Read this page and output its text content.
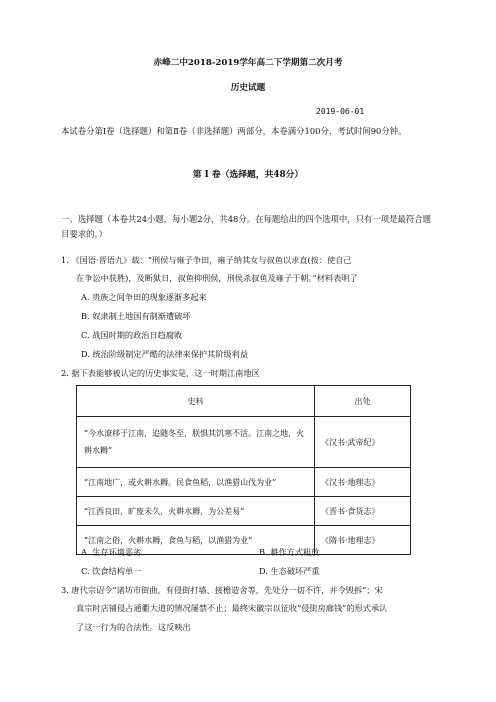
赤峰二中2018-2019学年高二下学期第二次月考
历史试题
2019-06-01
本试卷分第Ⅰ卷（选择题）和第Ⅱ卷（非选择题）两部分，本卷满分100分，考试时间90分钟。
第 Ⅰ 卷（选择题，共48分）
一、选择题（本卷共24小题，每小题2分，共48分。在每题给出的四个选项中，只有一项是最符合题目要求的。）
1. 《国语·晋语九》载：“刑侯与雍子争田，雍子纳其女与叔鱼以求直(按：使自己
在争讼中获胜)，及断狱日，叔鱼抑刑侯，刑侯杀叔鱼及雍子于朝。”材料表明了
A. 贵族之间争田的现象逐渐多起来
B. 奴隶制土地国有制渐遭破坏
C. 战国时期的政治日趋腐败
D. 统治阶级制定严酷的法律来保护其阶级利益
2. 据下表能够被认定的历史事实是，这一时期江南地区
史料	出处
“今水潦移于江南，追随冬至，朕惧其饥寒不活。江南之地，火耕水耨”	《汉书·武帝纪》
“江南地广，或火耕水耨。民食鱼稻，以渔猎山伐为业”	《汉书·地理志》
“江西良田，旷废未久，火耕水耨，为公差易”	《晋书·食货志》
“江南之俗，火耕水耨，食鱼与稻，以渔猎为业”	《隋书·地理志》
A. 生存环境恶劣	B. 耕作方式粗放
C. 饮食结构单一	D. 生态破坏严重
3. 唐代宗诏令“诸坊市街曲，有侵街打墙、接檐造舍等，先处分一切不许，并令毁拆”；宋
真宗时店铺侵占通衢大道的情况屡禁不止；最终宋徽宗以征收“侵街房廊钱”的形式承认
了这一行为的合法性。这反映出
